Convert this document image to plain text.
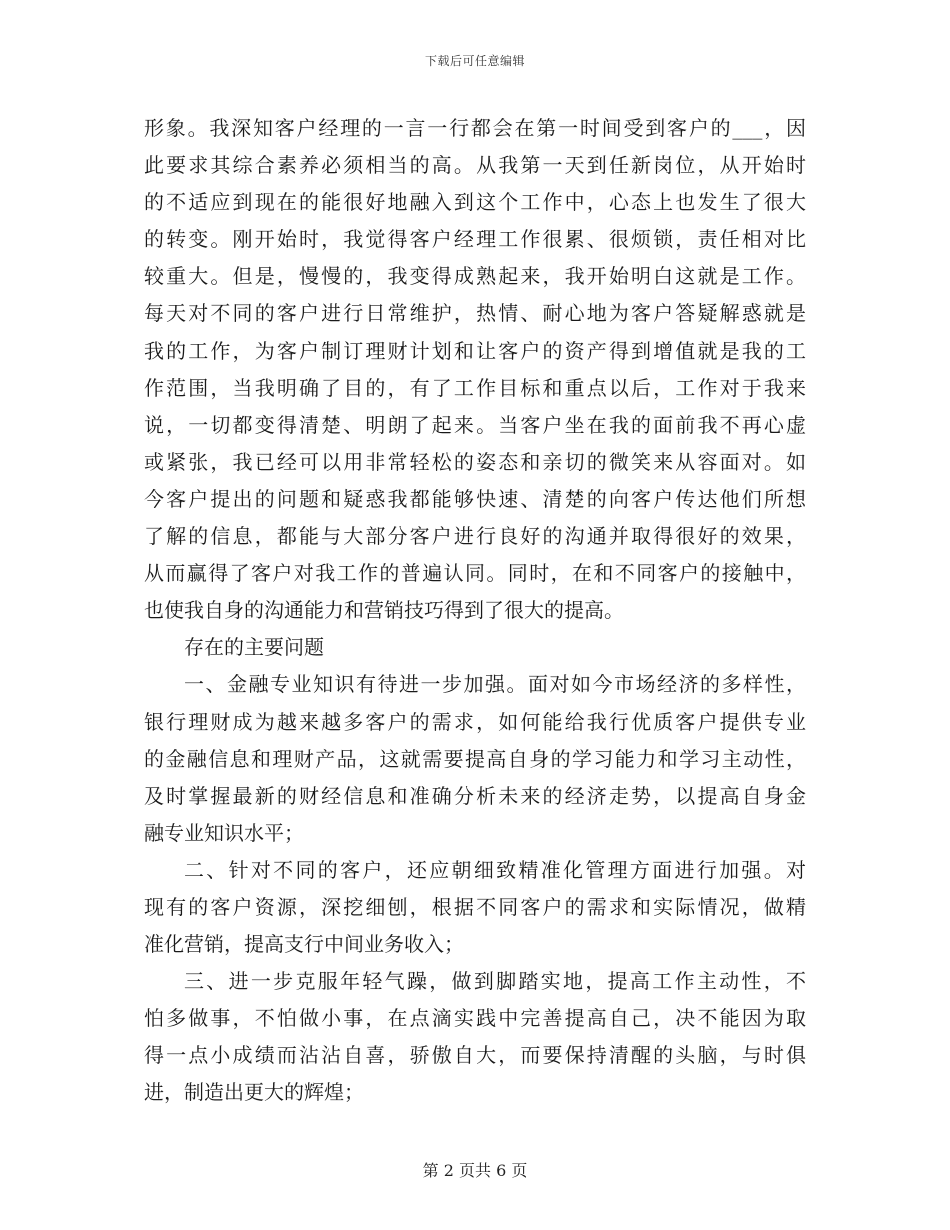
下载后可任意编辑
形象。我深知客户经理的一言一行都会在第一时间受到客户的___，因
此要求其综合素养必须相当的高。从我第一天到任新岗位，从开始时
的不适应到现在的能很好地融入到这个工作中，心态上也发生了很大
的转变。刚开始时，我觉得客户经理工作很累、很烦锁，责任相对比
较重大。但是，慢慢的，我变得成熟起来，我开始明白这就是工作。
每天对不同的客户进行日常维护，热情、耐心地为客户答疑解惑就是
我的工作，为客户制订理财计划和让客户的资产得到增值就是我的工
作范围，当我明确了目的，有了工作目标和重点以后，工作对于我来
说，一切都变得清楚、明朗了起来。当客户坐在我的面前我不再心虚
或紧张，我已经可以用非常轻松的姿态和亲切的微笑来从容面对。如
今客户提出的问题和疑惑我都能够快速、清楚的向客户传达他们所想
了解的信息，都能与大部分客户进行良好的沟通并取得很好的效果，
从而赢得了客户对我工作的普遍认同。同时，在和不同客户的接触中，
也使我自身的沟通能力和营销技巧得到了很大的提高。
存在的主要问题
一、金融专业知识有待进一步加强。面对如今市场经济的多样性，
银行理财成为越来越多客户的需求，如何能给我行优质客户提供专业
的金融信息和理财产品，这就需要提高自身的学习能力和学习主动性，
及时掌握最新的财经信息和准确分析未来的经济走势，以提高自身金
融专业知识水平；
二、针对不同的客户，还应朝细致精准化管理方面进行加强。对
现有的客户资源，深挖细刨，根据不同客户的需求和实际情况，做精
准化营销，提高支行中间业务收入；
三、进一步克服年轻气躁，做到脚踏实地，提高工作主动性，不
怕多做事，不怕做小事，在点滴实践中完善提高自己，决不能因为取
得一点小成绩而沾沾自喜，骄傲自大，而要保持清醒的头脑，与时俱
进，制造出更大的辉煌；
第 2 页共 6 页
